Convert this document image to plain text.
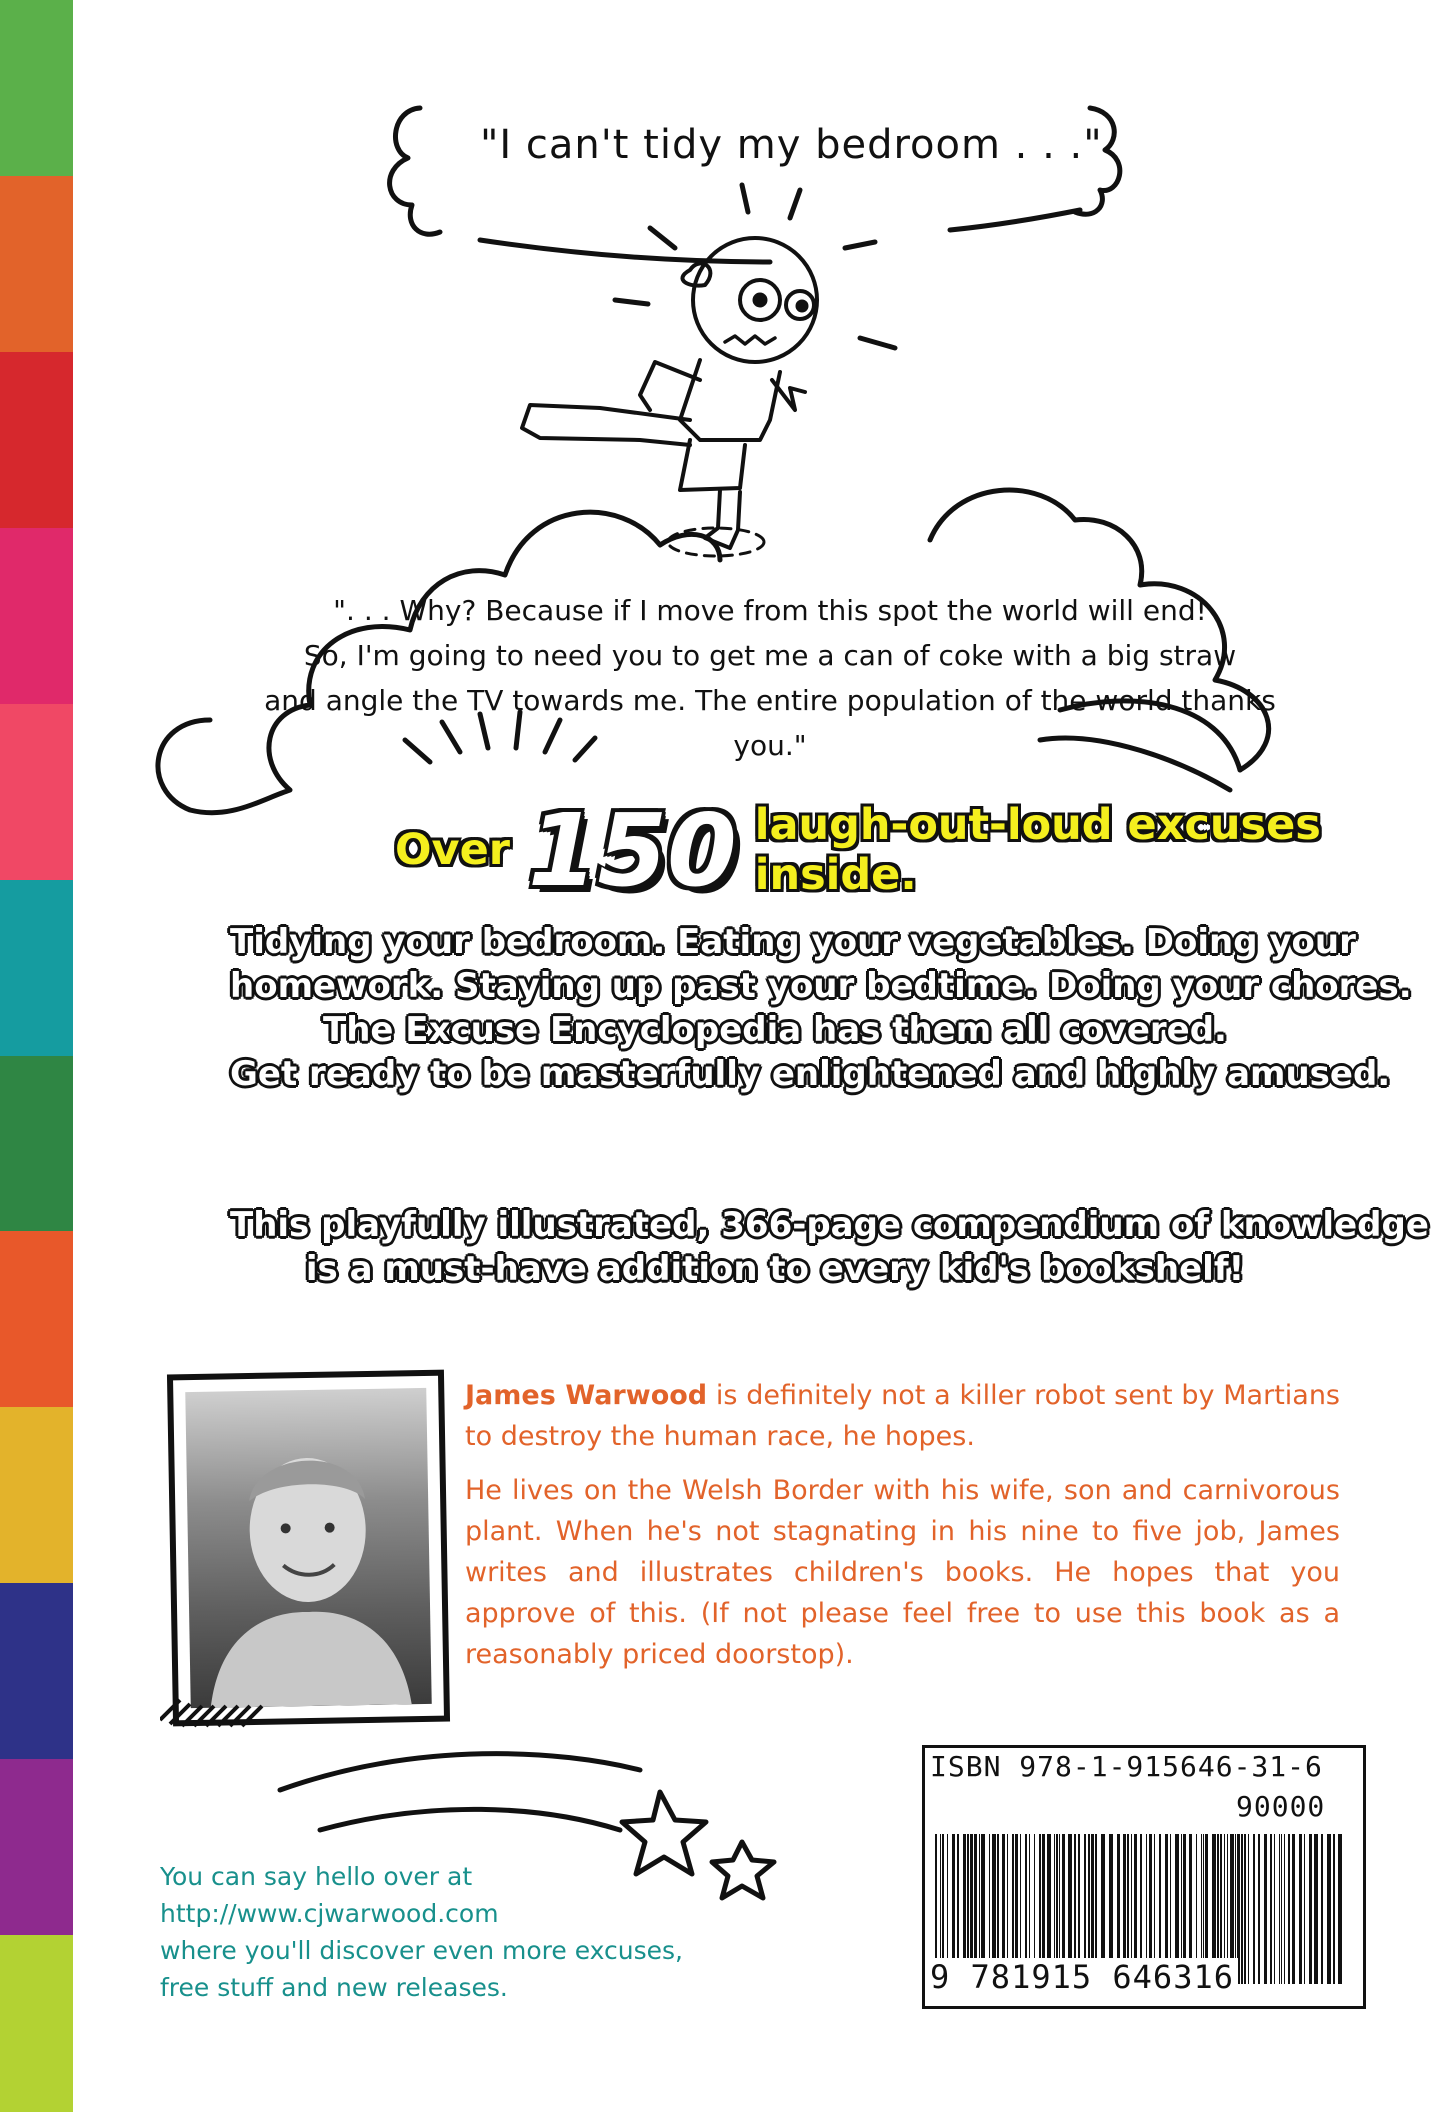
"I can't tidy my bedroom . . ."
". . . Why? Because if I move from this spot the world will end!
So, I'm going to need you to get me a can of coke with a big straw
and angle the TV towards me. The entire population of the world thanks you."
Over 150 laugh-out-loud excuses inside.
Tidying your bedroom. Eating your vegetables. Doing your
homework. Staying up past your bedtime. Doing your chores.
The Excuse Encyclopedia has them all covered.
Get ready to be masterfully enlightened and highly amused.
This playfully illustrated, 366-page compendium of knowledge
is a must-have addition to every kid's bookshelf!
James Warwood is definitely not a killer robot sent by Martians to destroy the human race, he hopes.
He lives on the Welsh Border with his wife, son and carnivorous plant. When he's not stagnating in his nine to five job, James writes and illustrates children's books. He hopes that you approve of this. (If not please feel free to use this book as a reasonably priced doorstop).
You can say hello over at
http://www.cjwarwood.com
where you'll discover even more excuses,
free stuff and new releases.
ISBN 978-1-915646-31-6
90000
9 781915 646316
